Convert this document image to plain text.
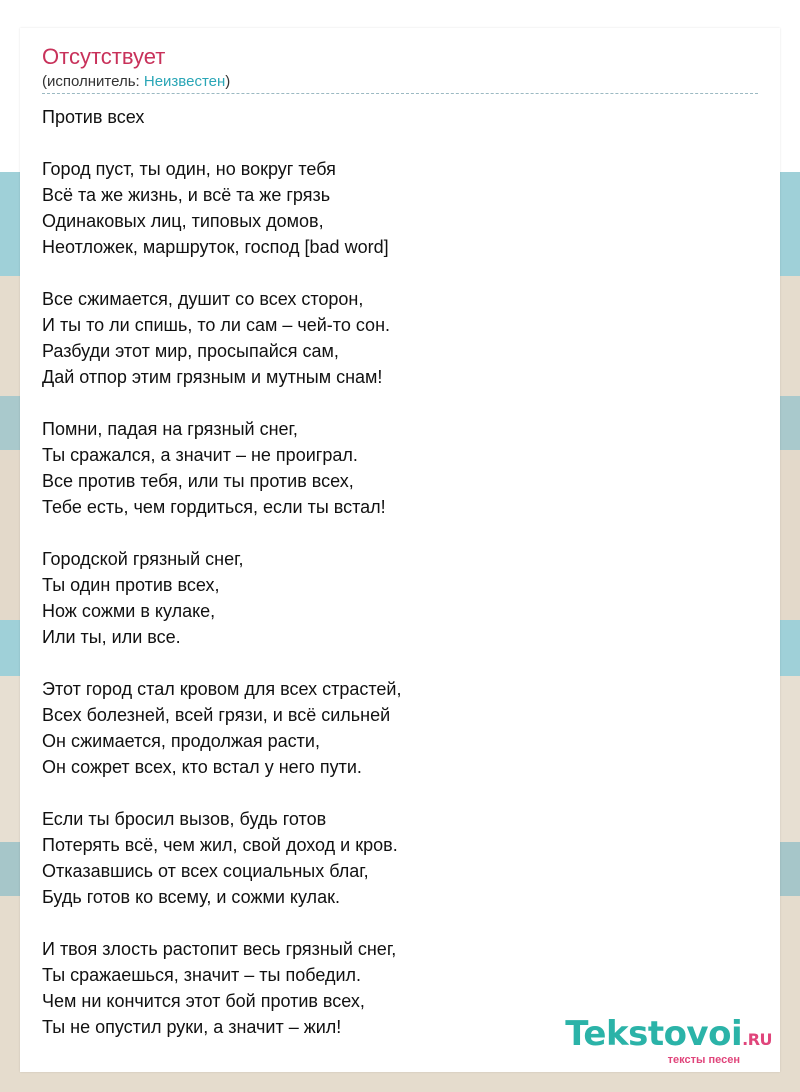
Отсутствует
(исполнитель: Неизвестен)
Против всех
Город пуст, ты один, но вокруг тебя
Всё та же жизнь, и всё та же грязь
Одинаковых лиц, типовых домов,
Неотложек, маршруток, господ [bad word]
Все сжимается, душит со всех сторон,
И ты то ли спишь, то ли сам – чей-то сон.
Разбуди этот мир, просыпайся сам,
Дай отпор этим грязным и мутным снам!
Помни, падая на грязный снег,
Ты сражался, а значит – не проиграл.
Все против тебя, или ты против всех,
Тебе есть, чем гордиться, если ты встал!
Городской грязный снег,
Ты один против всех,
Нож сожми в кулаке,
Или ты, или все.
Этот город стал кровом для всех страстей,
Всех болезней, всей грязи, и всё сильней
Он сжимается, продолжая расти,
Он сожрет всех, кто встал у него пути.
Если ты бросил вызов, будь готов
Потерять всё, чем жил, свой доход и кров.
Отказавшись от всех социальных благ,
Будь готов ко всему, и сожми кулак.
И твоя злость растопит весь грязный снег,
Ты сражаешься, значит – ты победил.
Чем ни кончится этот бой против всех,
Ты не опустил руки, а значит – жил!	Tekstovoi.RU
тексты песен
